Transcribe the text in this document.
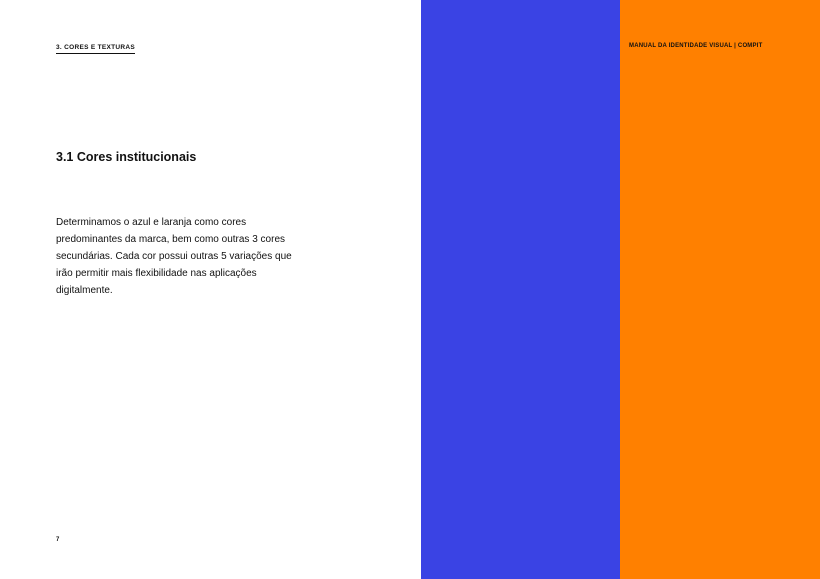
3. CORES E TEXTURAS
3.1 Cores institucionais

Determinamos o azul e laranja como cores predominantes da marca, bem como outras 3 cores secundárias. Cada cor possui outras 5 variações que irão permitir mais flexibilidade nas aplicações digitalmente.

7
MANUAL DA IDENTIDADE VISUAL | COMPIT
